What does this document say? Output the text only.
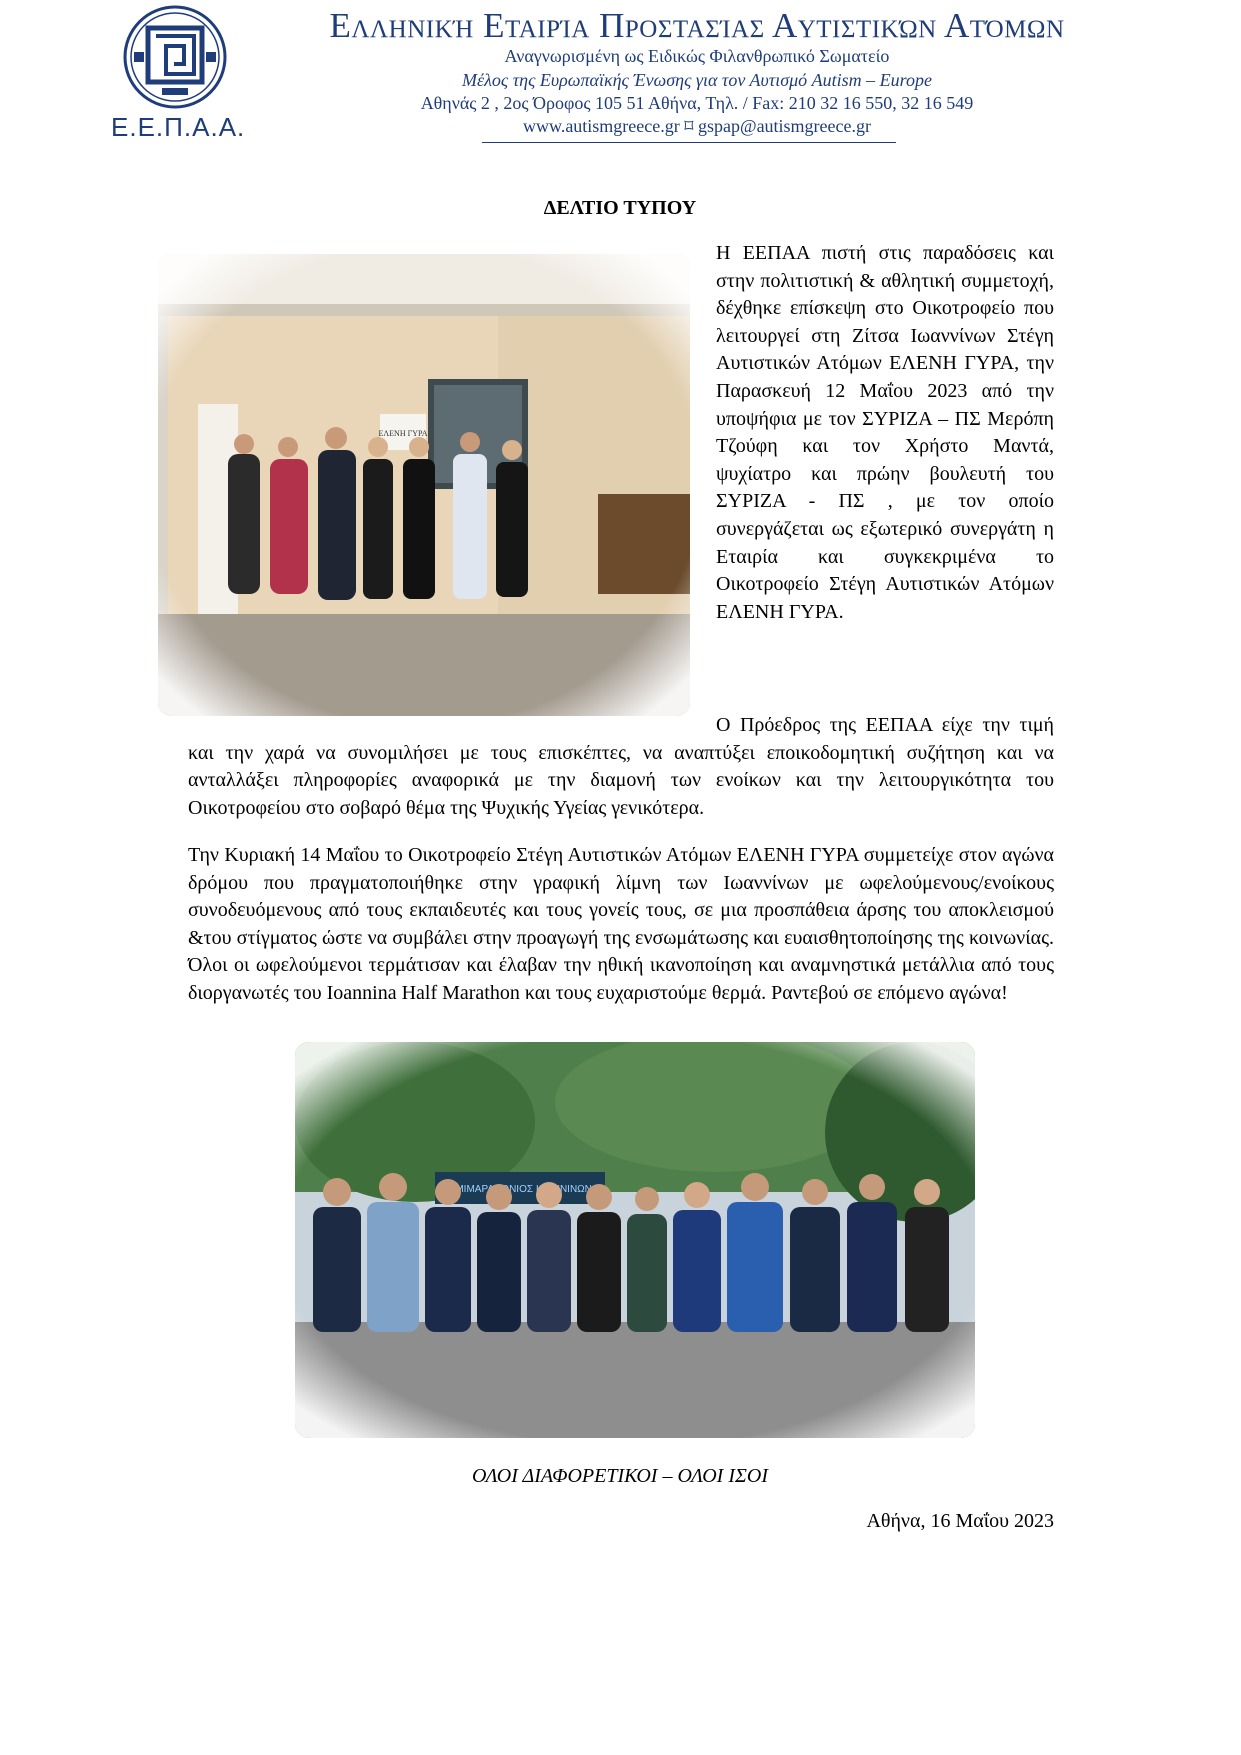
Ε.Ε.Π.Α.Α.
Ελληνική Εταιρία Προστασίας Αυτιστικών Ατόμων
Αναγνωρισμένη ως Ειδικώς Φιλανθρωπικό Σωματείο
Μέλος της Ευρωπαϊκής Ένωσης για τον Αυτισμό Autism – Europe
Αθηνάς 2 , 2ος Όροφος 105 51 Αθήνα, Τηλ. / Fax: 210 32 16 550, 32 16 549
www.autismgreece.gr ⌑ gspap@autismgreece.gr
ΔΕΛΤΙΟ ΤΥΠΟΥ
Η ΕΕΠΑΑ πιστή στις παραδόσεις και στην πολιτιστική & αθλητική συμμετοχή, δέχθηκε επίσκεψη στο Οικοτροφείο που λειτουργεί στη Ζίτσα Ιωαννίνων Στέγη Αυτιστικών Ατόμων ΕΛΕΝΗ ΓΥΡΑ, την Παρασκευή 12 Μαΐου 2023 από την υποψήφια με τον ΣΥΡΙΖΑ – ΠΣ Μερόπη Τζούφη και τον Χρήστο Μαντά, ψυχίατρο και πρώην βουλευτή του ΣΥΡΙΖΑ - ΠΣ , με τον οποίο συνεργάζεται ως εξωτερικό συνεργάτη η Εταιρία και συγκεκριμένα το Οικοτροφείο Στέγη Αυτιστικών Ατόμων ΕΛΕΝΗ ΓΥΡΑ.
Ο Πρόεδρος της ΕΕΠΑΑ είχε την τιμή και την χαρά να συνομιλήσει με τους επισκέπτες, να αναπτύξει εποικοδομητική συζήτηση και να ανταλλάξει πληροφορίες αναφορικά με την διαμονή των ενοίκων και την λειτουργικότητα του Οικοτροφείου στο σοβαρό θέμα της Ψυχικής Υγείας γενικότερα.
Την Κυριακή 14 Μαΐου το Οικοτροφείο Στέγη Αυτιστικών Ατόμων ΕΛΕΝΗ ΓΥΡΑ συμμετείχε στον αγώνα δρόμου που πραγματοποιήθηκε στην γραφική λίμνη των Ιωαννίνων με ωφελούμενους/ενοίκους συνοδευόμενους από τους εκπαιδευτές και τους γονείς τους, σε μια προσπάθεια άρσης του αποκλεισμού &του στίγματος ώστε να συμβάλει στην προαγωγή της ενσωμάτωσης και ευαισθητοποίησης της κοινωνίας. Όλοι οι ωφελούμενοι τερμάτισαν και έλαβαν την ηθική ικανοποίηση και αναμνηστικά μετάλλια από τους διοργανωτές του Ioannina Half Marathon και τους ευχαριστούμε θερμά. Ραντεβού σε επόμενο αγώνα!
ΟΛΟΙ ΔΙΑΦΟΡΕΤΙΚΟΙ – ΟΛΟΙ ΙΣΟΙ
Αθήνα, 16 Μαΐου 2023
